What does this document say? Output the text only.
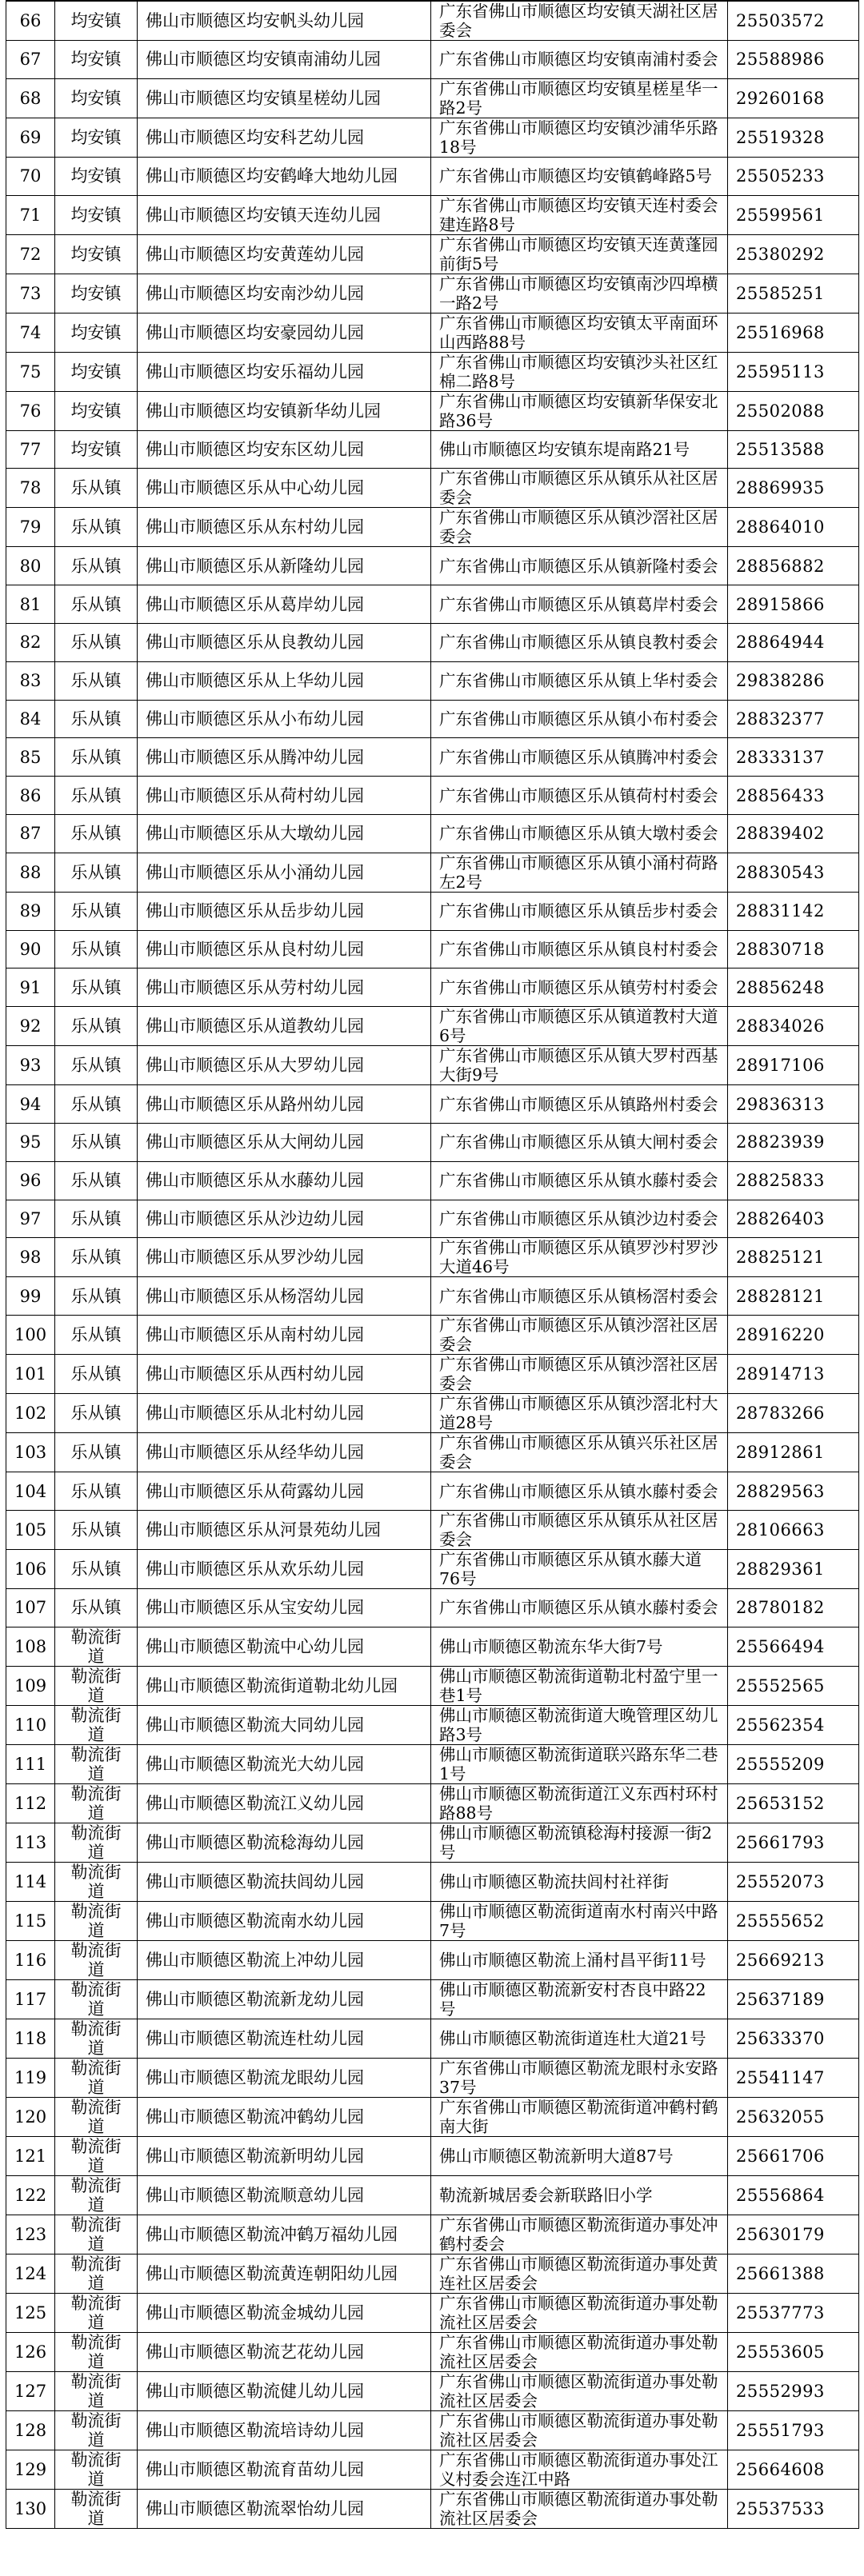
66	均安镇	佛山市顺德区均安帆头幼儿园	广东省佛山市顺德区均安镇天湖社区居委会	25503572
67	均安镇	佛山市顺德区均安镇南浦幼儿园	广东省佛山市顺德区均安镇南浦村委会	25588986
68	均安镇	佛山市顺德区均安镇星槎幼儿园	广东省佛山市顺德区均安镇星槎星华一路2号	29260168
69	均安镇	佛山市顺德区均安科艺幼儿园	广东省佛山市顺德区均安镇沙浦华乐路18号	25519328
70	均安镇	佛山市顺德区均安鹤峰大地幼儿园	广东省佛山市顺德区均安镇鹤峰路5号	25505233
71	均安镇	佛山市顺德区均安镇天连幼儿园	广东省佛山市顺德区均安镇天连村委会建连路8号	25599561
72	均安镇	佛山市顺德区均安黄莲幼儿园	广东省佛山市顺德区均安镇天连黄蓬园前街5号	25380292
73	均安镇	佛山市顺德区均安南沙幼儿园	广东省佛山市顺德区均安镇南沙四埠横一路2号	25585251
74	均安镇	佛山市顺德区均安豪园幼儿园	广东省佛山市顺德区均安镇太平南面环山西路88号	25516968
75	均安镇	佛山市顺德区均安乐福幼儿园	广东省佛山市顺德区均安镇沙头社区红棉二路8号	25595113
76	均安镇	佛山市顺德区均安镇新华幼儿园	广东省佛山市顺德区均安镇新华保安北路36号	25502088
77	均安镇	佛山市顺德区均安东区幼儿园	佛山市顺德区均安镇东堤南路21号	25513588
78	乐从镇	佛山市顺德区乐从中心幼儿园	广东省佛山市顺德区乐从镇乐从社区居委会	28869935
79	乐从镇	佛山市顺德区乐从东村幼儿园	广东省佛山市顺德区乐从镇沙滘社区居委会	28864010
80	乐从镇	佛山市顺德区乐从新隆幼儿园	广东省佛山市顺德区乐从镇新隆村委会	28856882
81	乐从镇	佛山市顺德区乐从葛岸幼儿园	广东省佛山市顺德区乐从镇葛岸村委会	28915866
82	乐从镇	佛山市顺德区乐从良教幼儿园	广东省佛山市顺德区乐从镇良教村委会	28864944
83	乐从镇	佛山市顺德区乐从上华幼儿园	广东省佛山市顺德区乐从镇上华村委会	29838286
84	乐从镇	佛山市顺德区乐从小布幼儿园	广东省佛山市顺德区乐从镇小布村委会	28832377
85	乐从镇	佛山市顺德区乐从腾冲幼儿园	广东省佛山市顺德区乐从镇腾冲村委会	28333137
86	乐从镇	佛山市顺德区乐从荷村幼儿园	广东省佛山市顺德区乐从镇荷村村委会	28856433
87	乐从镇	佛山市顺德区乐从大墩幼儿园	广东省佛山市顺德区乐从镇大墩村委会	28839402
88	乐从镇	佛山市顺德区乐从小涌幼儿园	广东省佛山市顺德区乐从镇小涌村荷路左2号	28830543
89	乐从镇	佛山市顺德区乐从岳步幼儿园	广东省佛山市顺德区乐从镇岳步村委会	28831142
90	乐从镇	佛山市顺德区乐从良村幼儿园	广东省佛山市顺德区乐从镇良村村委会	28830718
91	乐从镇	佛山市顺德区乐从劳村幼儿园	广东省佛山市顺德区乐从镇劳村村委会	28856248
92	乐从镇	佛山市顺德区乐从道教幼儿园	广东省佛山市顺德区乐从镇道教村大道6号	28834026
93	乐从镇	佛山市顺德区乐从大罗幼儿园	广东省佛山市顺德区乐从镇大罗村西基大街9号	28917106
94	乐从镇	佛山市顺德区乐从路州幼儿园	广东省佛山市顺德区乐从镇路州村委会	29836313
95	乐从镇	佛山市顺德区乐从大闸幼儿园	广东省佛山市顺德区乐从镇大闸村委会	28823939
96	乐从镇	佛山市顺德区乐从水藤幼儿园	广东省佛山市顺德区乐从镇水藤村委会	28825833
97	乐从镇	佛山市顺德区乐从沙边幼儿园	广东省佛山市顺德区乐从镇沙边村委会	28826403
98	乐从镇	佛山市顺德区乐从罗沙幼儿园	广东省佛山市顺德区乐从镇罗沙村罗沙大道46号	28825121
99	乐从镇	佛山市顺德区乐从杨滘幼儿园	广东省佛山市顺德区乐从镇杨滘村委会	28828121
100	乐从镇	佛山市顺德区乐从南村幼儿园	广东省佛山市顺德区乐从镇沙滘社区居委会	28916220
101	乐从镇	佛山市顺德区乐从西村幼儿园	广东省佛山市顺德区乐从镇沙滘社区居委会	28914713
102	乐从镇	佛山市顺德区乐从北村幼儿园	广东省佛山市顺德区乐从镇沙滘北村大道28号	28783266
103	乐从镇	佛山市顺德区乐从经华幼儿园	广东省佛山市顺德区乐从镇兴乐社区居委会	28912861
104	乐从镇	佛山市顺德区乐从荷露幼儿园	广东省佛山市顺德区乐从镇水藤村委会	28829563
105	乐从镇	佛山市顺德区乐从河景苑幼儿园	广东省佛山市顺德区乐从镇乐从社区居委会	28106663
106	乐从镇	佛山市顺德区乐从欢乐幼儿园	广东省佛山市顺德区乐从镇水藤大道76号	28829361
107	乐从镇	佛山市顺德区乐从宝安幼儿园	广东省佛山市顺德区乐从镇水藤村委会	28780182
108	勒流街道	佛山市顺德区勒流中心幼儿园	佛山市顺德区勒流东华大街7号	25566494
109	勒流街道	佛山市顺德区勒流街道勒北幼儿园	佛山市顺德区勒流街道勒北村盈宁里一巷1号	25552565
110	勒流街道	佛山市顺德区勒流大同幼儿园	佛山市顺德区勒流街道大晚管理区幼儿路3号	25562354
111	勒流街道	佛山市顺德区勒流光大幼儿园	佛山市顺德区勒流街道联兴路东华二巷1号	25555209
112	勒流街道	佛山市顺德区勒流江义幼儿园	佛山市顺德区勒流街道江义东西村环村路88号	25653152
113	勒流街道	佛山市顺德区勒流稔海幼儿园	佛山市顺德区勒流镇稔海村接源一街2号	25661793
114	勒流街道	佛山市顺德区勒流扶闾幼儿园	佛山市顺德区勒流扶闾村社祥街	25552073
115	勒流街道	佛山市顺德区勒流南水幼儿园	佛山市顺德区勒流街道南水村南兴中路7号	25555652
116	勒流街道	佛山市顺德区勒流上冲幼儿园	佛山市顺德区勒流上涌村昌平街11号	25669213
117	勒流街道	佛山市顺德区勒流新龙幼儿园	佛山市顺德区勒流新安村杏良中路22号	25637189
118	勒流街道	佛山市顺德区勒流连杜幼儿园	佛山市顺德区勒流街道连杜大道21号	25633370
119	勒流街道	佛山市顺德区勒流龙眼幼儿园	广东省佛山市顺德区勒流龙眼村永安路37号	25541147
120	勒流街道	佛山市顺德区勒流冲鹤幼儿园	广东省佛山市顺德区勒流街道冲鹤村鹤南大街	25632055
121	勒流街道	佛山市顺德区勒流新明幼儿园	佛山市顺德区勒流新明大道87号	25661706
122	勒流街道	佛山市顺德区勒流顺意幼儿园	勒流新城居委会新联路旧小学	25556864
123	勒流街道	佛山市顺德区勒流冲鹤万福幼儿园	广东省佛山市顺德区勒流街道办事处冲鹤村委会	25630179
124	勒流街道	佛山市顺德区勒流黄连朝阳幼儿园	广东省佛山市顺德区勒流街道办事处黄连社区居委会	25661388
125	勒流街道	佛山市顺德区勒流金城幼儿园	广东省佛山市顺德区勒流街道办事处勒流社区居委会	25537773
126	勒流街道	佛山市顺德区勒流艺花幼儿园	广东省佛山市顺德区勒流街道办事处勒流社区居委会	25553605
127	勒流街道	佛山市顺德区勒流健儿幼儿园	广东省佛山市顺德区勒流街道办事处勒流社区居委会	25552993
128	勒流街道	佛山市顺德区勒流培诗幼儿园	广东省佛山市顺德区勒流街道办事处勒流社区居委会	25551793
129	勒流街道	佛山市顺德区勒流育苗幼儿园	广东省佛山市顺德区勒流街道办事处江义村委会连江中路	25664608
130	勒流街道	佛山市顺德区勒流翠怡幼儿园	广东省佛山市顺德区勒流街道办事处勒流社区居委会	25537533
